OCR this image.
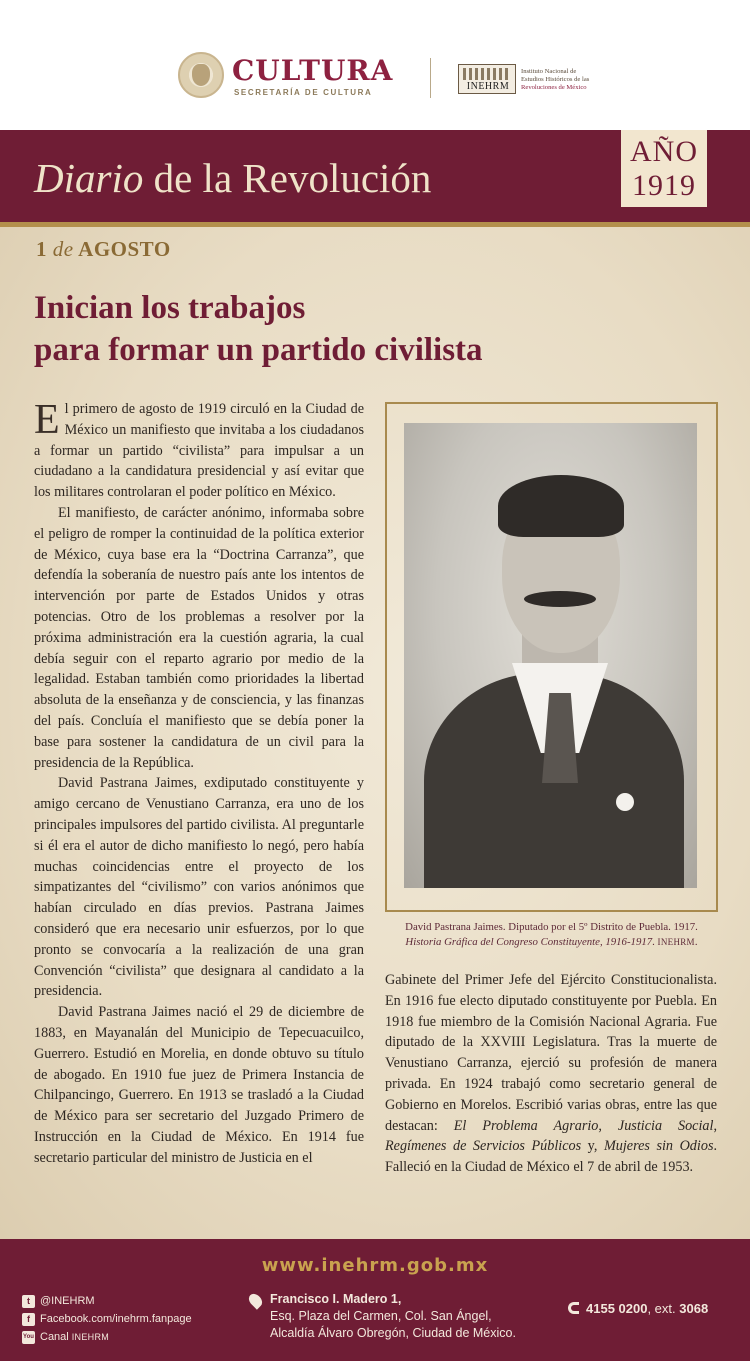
CULTURA
SECRETARÍA DE CULTURA
INEHRM
Instituto Nacional de
Estudios Históricos de las
Revoluciones de México
Diario de la Revolución
AÑO
1919
1 de AGOSTO
Inician los trabajos
para formar un partido civilista

El primero de agosto de 1919 circuló en la Ciudad de México un manifiesto que invitaba a los ciudadanos a formar un partido “civilista” para impulsar a un ciudadano a la candidatura presidencial y así evitar que los militares controlaran el poder político en México.

El manifiesto, de carácter anónimo, informaba sobre el peligro de romper la continuidad de la política exterior de México, cuya base era la “Doctrina Carranza”, que defendía la soberanía de nuestro país ante los intentos de intervención por parte de Estados Unidos y otras potencias. Otro de los problemas a resolver por la próxima administración era la cuestión agraria, la cual debía seguir con el reparto agrario por medio de la legalidad. Estaban también como prioridades la libertad absoluta de la enseñanza y de consciencia, y las finanzas del país. Concluía el manifiesto que se debía poner la base para sostener la candidatura de un civil para la presidencia de la República.

David Pastrana Jaimes, exdiputado constituyente y amigo cercano de Venustiano Carranza, era uno de los principales impulsores del partido civilista. Al preguntarle si él era el autor de dicho manifiesto lo negó, pero había muchas coincidencias entre el proyecto de los simpatizantes del “civilismo” con varios anónimos que habían circulado en días previos. Pastrana Jaimes consideró que era necesario unir esfuerzos, por lo que pronto se convocaría a la realización de una gran Convención “civilista” que designara al candidato a la presidencia.

David Pastrana Jaimes nació el 29 de diciembre de 1883, en Mayanalán del Municipio de Tepecuacuilco, Guerrero. Estudió en Morelia, en donde obtuvo su título de abogado. En 1910 fue juez de Primera Instancia de Chilpancingo, Guerrero. En 1913 se trasladó a la Ciudad de México para ser secretario del Juzgado Primero de Instrucción en la Ciudad de México. En 1914 fue secretario particular del ministro de Justicia en el

David Pastrana Jaimes. Diputado por el 5º Distrito de Puebla. 1917.
Historia Gráfica del Congreso Constituyente, 1916-1917. INEHRM.

Gabinete del Primer Jefe del Ejército Constitucionalista. En 1916 fue electo diputado constituyente por Puebla. En 1918 fue miembro de la Comisión Nacional Agraria. Fue diputado de la XXVIII Legislatura. Tras la muerte de Venustiano Carranza, ejerció su profesión de manera privada. En 1924 trabajó como secretario general de Gobierno en Morelos. Escribió varias obras, entre las que destacan: El Problema Agrario, Justicia Social, Regímenes de Servicios Públicos y, Mujeres sin Odios. Falleció en la Ciudad de México el 7 de abril de 1953.

www.inehrm.gob.mx
t @INEHRM
f Facebook.com/inehrm.fanpage
You Canal INEHRM
Francisco I. Madero 1,
Esq. Plaza del Carmen, Col. San Ángel,
Alcaldía Álvaro Obregón, Ciudad de México.
4155 0200, ext. 3068
